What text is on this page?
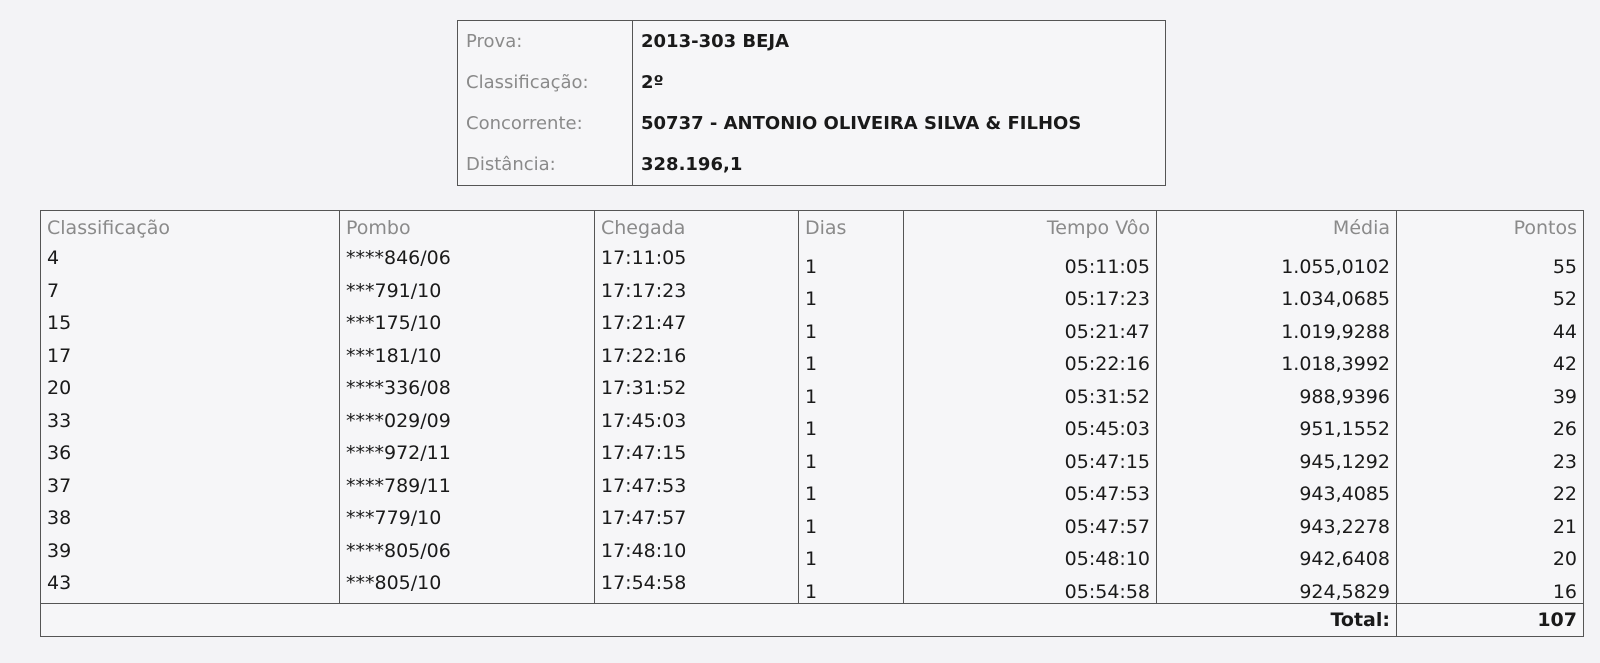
Prova:	2013-303 BEJA
Classificação:	2º
Concorrente:	50737 - ANTONIO OLIVEIRA SILVA & FILHOS
Distância:	328.196,1
Classificação	Pombo	Chegada	Dias	Tempo Vôo	Média	Pontos
4	****846/06	17:11:05	1	05:11:05	1.055,0102	55
7	***791/10	17:17:23	1	05:17:23	1.034,0685	52
15	***175/10	17:21:47	1	05:21:47	1.019,9288	44
17	***181/10	17:22:16	1	05:22:16	1.018,3992	42
20	****336/08	17:31:52	1	05:31:52	988,9396	39
33	****029/09	17:45:03	1	05:45:03	951,1552	26
36	****972/11	17:47:15	1	05:47:15	945,1292	23
37	****789/11	17:47:53	1	05:47:53	943,4085	22
38	***779/10	17:47:57	1	05:47:57	943,2278	21
39	****805/06	17:48:10	1	05:48:10	942,6408	20
43	***805/10	17:54:58	1	05:54:58	924,5829	16
					Total:	107
